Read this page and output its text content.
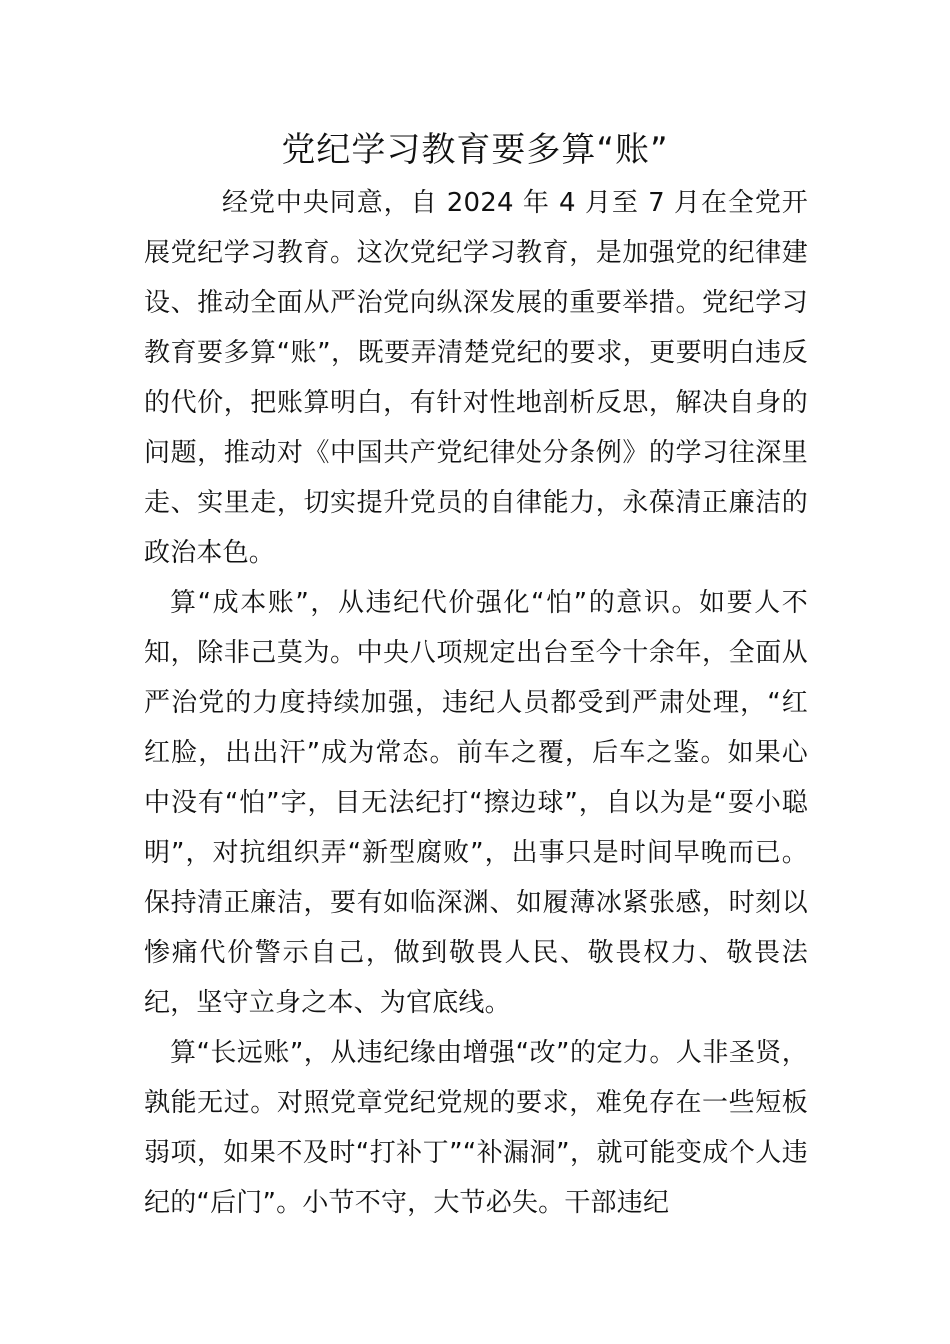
党纪学习教育要多算“账”

经党中央同意，自 2024 年 4 月至 7 月在全党开展党纪学习教育。这次党纪学习教育，是加强党的纪律建设、推动全面从严治党向纵深发展的重要举措。党纪学习教育要多算“账”，既要弄清楚党纪的要求，更要明白违反的代价，把账算明白，有针对性地剖析反思，解决自身的问题，推动对《中国共产党纪律处分条例》的学习往深里走、实里走，切实提升党员的自律能力，永葆清正廉洁的政治本色。

算“成本账”，从违纪代价强化“怕”的意识。如要人不知，除非己莫为。中央八项规定出台至今十余年，全面从严治党的力度持续加强，违纪人员都受到严肃处理，“红红脸，出出汗”成为常态。前车之覆，后车之鉴。如果心中没有“怕”字，目无法纪打“擦边球”，自以为是“耍小聪明”，对抗组织弄“新型腐败”，出事只是时间早晚而已。保持清正廉洁，要有如临深渊、如履薄冰紧张感，时刻以惨痛代价警示自己，做到敬畏人民、敬畏权力、敬畏法纪，坚守立身之本、为官底线。

算“长远账”，从违纪缘由增强“改”的定力。人非圣贤，孰能无过。对照党章党纪党规的要求，难免存在一些短板弱项，如果不及时“打补丁”“补漏洞”，就可能变成个人违纪的“后门”。小节不守，大节必失。干部违纪
